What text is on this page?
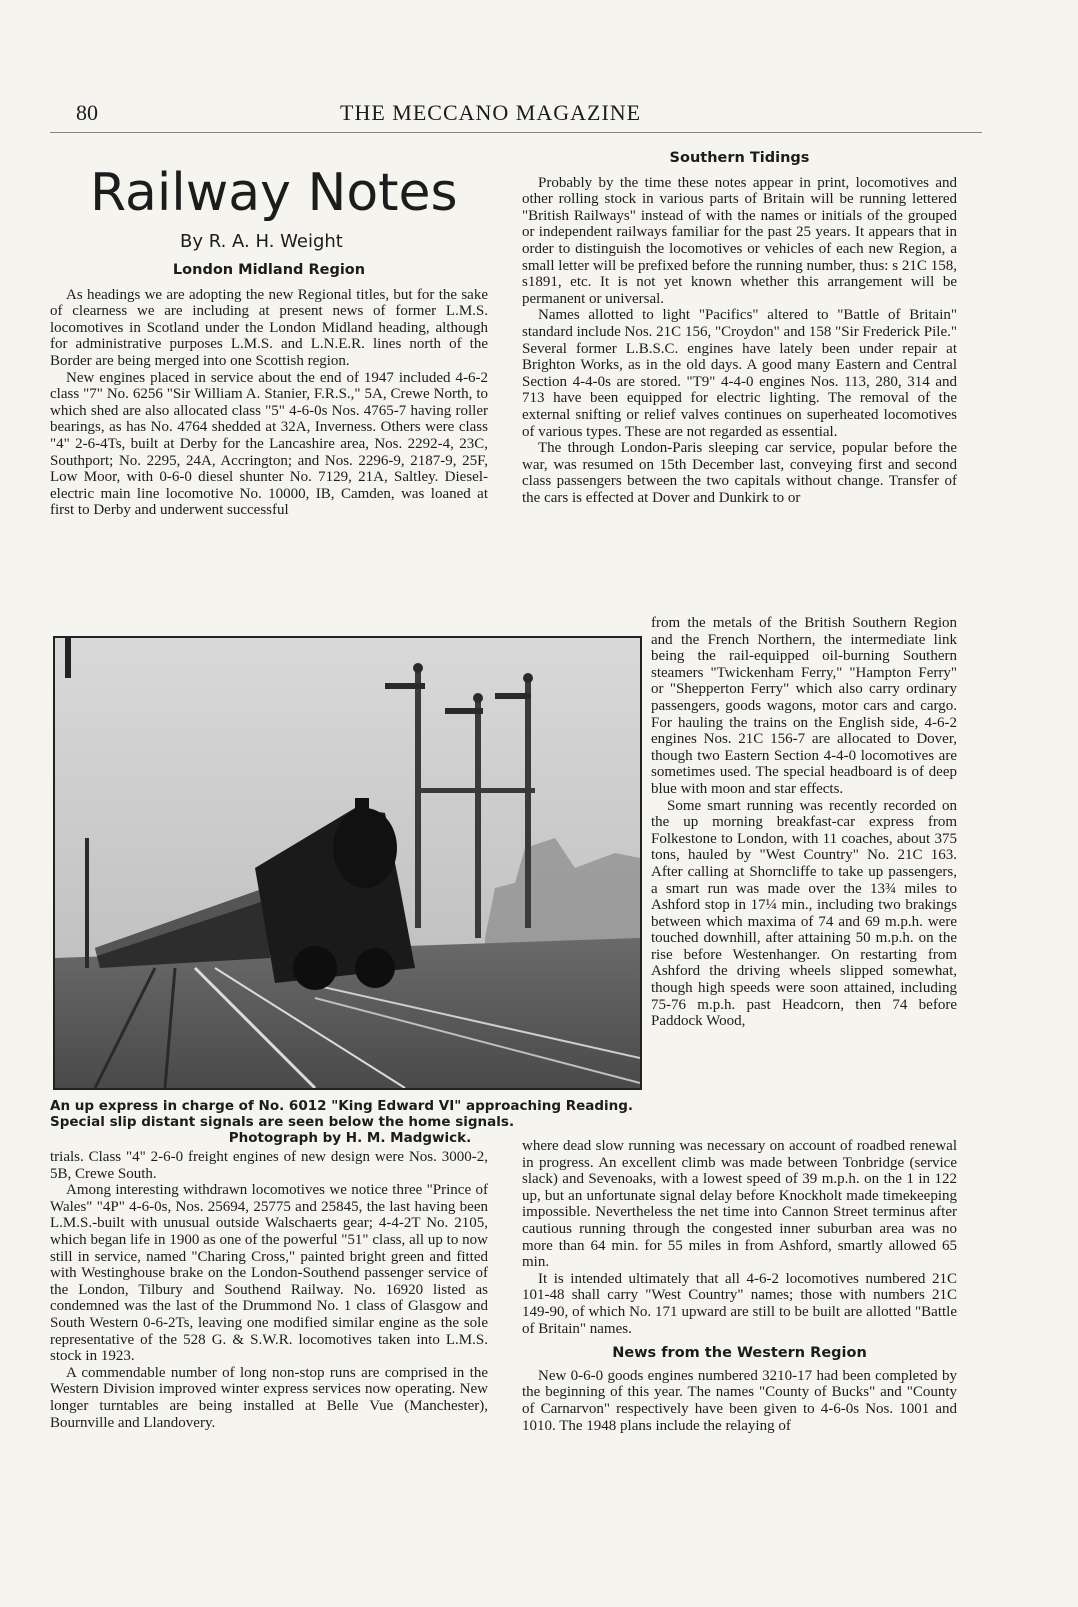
80	THE MECCANO MAGAZINE
Railway Notes
By R. A. H. Weight
London Midland Region

As headings we are adopting the new Regional titles, but for the sake of clearness we are including at present news of former L.M.S. locomotives in Scotland under the London Midland heading, although for administrative purposes L.M.S. and L.N.E.R. lines north of the Border are being merged into one Scottish region.

New engines placed in service about the end of 1947 included 4-6-2 class "7" No. 6256 "Sir William A. Stanier, F.R.S.," 5A, Crewe North, to which shed are also allocated class "5" 4-6-0s Nos. 4765-7 having roller bearings, as has No. 4764 shedded at 32A, Inverness. Others were class "4" 2-6-4Ts, built at Derby for the Lancashire area, Nos. 2292-4, 23C, Southport; No. 2295, 24A, Accrington; and Nos. 2296-9, 2187-9, 25F, Low Moor, with 0-6-0 diesel shunter No. 7129, 21A, Saltley. Diesel-electric main line locomotive No. 10000, IB, Camden, was loaned at first to Derby and underwent successful

An up express in charge of No. 6012 "King Edward VI" approaching Reading. Special slip distant signals are seen below the home signals.
Photograph by H. M. Madgwick.

trials. Class "4" 2-6-0 freight engines of new design were Nos. 3000-2, 5B, Crewe South.

Among interesting withdrawn locomotives we notice three "Prince of Wales" "4P" 4-6-0s, Nos. 25694, 25775 and 25845, the last having been L.M.S.-built with unusual outside Walschaerts gear; 4-4-2T No. 2105, which began life in 1900 as one of the powerful "51" class, all up to now still in service, named "Charing Cross," painted bright green and fitted with Westinghouse brake on the London-Southend passenger service of the London, Tilbury and Southend Railway. No. 16920 listed as condemned was the last of the Drummond No. 1 class of Glasgow and South Western 0-6-2Ts, leaving one modified similar engine as the sole representative of the 528 G. & S.W.R. locomotives taken into L.M.S. stock in 1923.

A commendable number of long non-stop runs are comprised in the Western Division improved winter express services now operating. New longer turntables are being installed at Belle Vue (Manchester), Bournville and Llandovery.

Southern Tidings

Probably by the time these notes appear in print, locomotives and other rolling stock in various parts of Britain will be running lettered "British Railways" instead of with the names or initials of the grouped or independent railways familiar for the past 25 years. It appears that in order to distinguish the locomotives or vehicles of each new Region, a small letter will be prefixed before the running number, thus: s 21C 158, s1891, etc. It is not yet known whether this arrangement will be permanent or universal.

Names allotted to light "Pacifics" altered to "Battle of Britain" standard include Nos. 21C 156, "Croydon" and 158 "Sir Frederick Pile." Several former L.B.S.C. engines have lately been under repair at Brighton Works, as in the old days. A good many Eastern and Central Section 4-4-0s are stored. "T9" 4-4-0 engines Nos. 113, 280, 314 and 713 have been equipped for electric lighting. The removal of the external snifting or relief valves continues on superheated locomotives of various types. These are not regarded as essential.

The through London-Paris sleeping car service, popular before the war, was resumed on 15th December last, conveying first and second class passengers between the two capitals without change. Transfer of the cars is effected at Dover and Dunkirk to or

from the metals of the British Southern Region and the French Northern, the intermediate link being the rail-equipped oil-burning Southern steamers "Twickenham Ferry," "Hampton Ferry" or "Shepperton Ferry" which also carry ordinary passengers, goods wagons, motor cars and cargo. For hauling the trains on the English side, 4-6-2 engines Nos. 21C 156-7 are allocated to Dover, though two Eastern Section 4-4-0 locomotives are sometimes used. The special headboard is of deep blue with moon and star effects.

Some smart running was recently recorded on the up morning breakfast-car express from Folkestone to London, with 11 coaches, about 375 tons, hauled by "West Country" No. 21C 163. After calling at Shorncliffe to take up passengers, a smart run was made over the 13¾ miles to Ashford stop in 17¼ min., including two brakings between which maxima of 74 and 69 m.p.h. were touched downhill, after attaining 50 m.p.h. on the rise before Westenhanger. On restarting from Ashford the driving wheels slipped somewhat, though high speeds were soon attained, including 75-76 m.p.h. past Headcorn, then 74 before Paddock Wood,

where dead slow running was necessary on account of roadbed renewal in progress. An excellent climb was made between Tonbridge (service slack) and Sevenoaks, with a lowest speed of 39 m.p.h. on the 1 in 122 up, but an unfortunate signal delay before Knockholt made timekeeping impossible. Nevertheless the net time into Cannon Street terminus after cautious running through the congested inner suburban area was no more than 64 min. for 55 miles in from Ashford, smartly allowed 65 min.

It is intended ultimately that all 4-6-2 locomotives numbered 21C 101-48 shall carry "West Country" names; those with numbers 21C 149-90, of which No. 171 upward are still to be built are allotted "Battle of Britain" names.

News from the Western Region

New 0-6-0 goods engines numbered 3210-17 had been completed by the beginning of this year. The names "County of Bucks" and "County of Carnarvon" respectively have been given to 4-6-0s Nos. 1001 and 1010. The 1948 plans include the relaying of
